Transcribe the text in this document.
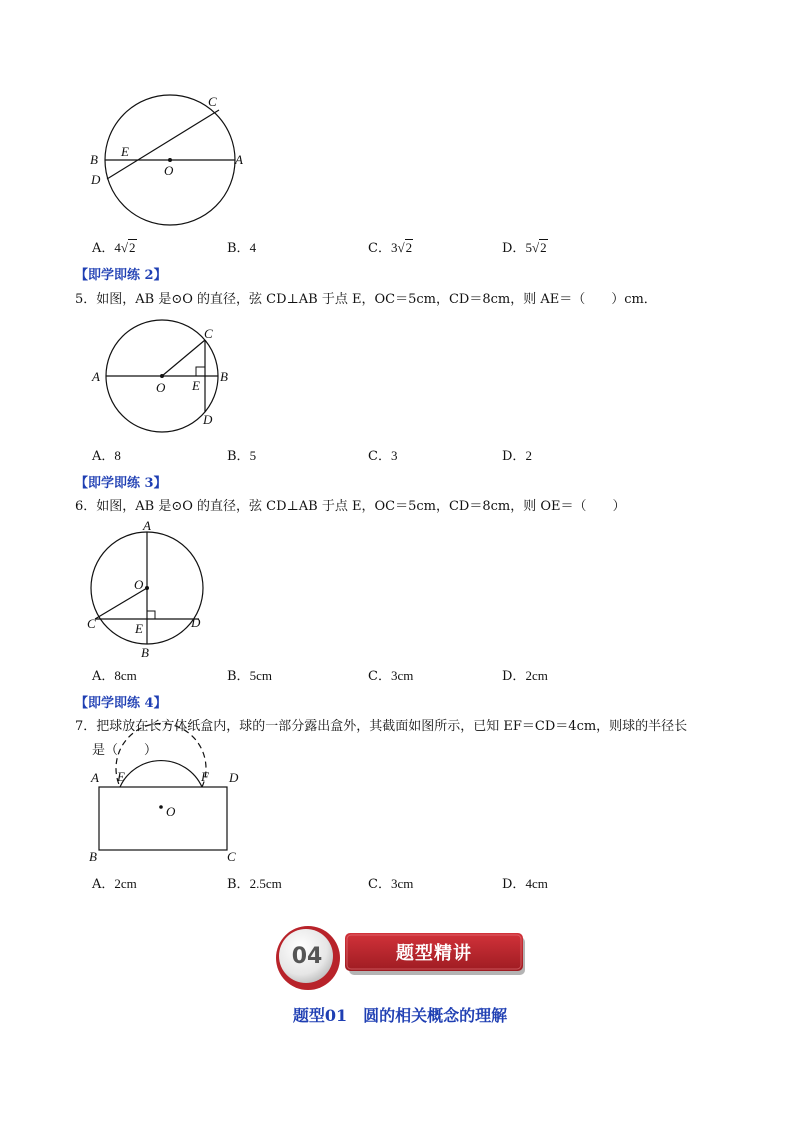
C
B
E
A
D
O
A．4√2	B．4	C．3√2	D．5√2
【即学即练 2】
5．如图，AB 是⊙O 的直径，弦 CD⊥AB 于点 E，OC＝5cm，CD＝8cm，则 AE＝（　　）cm．
A
O E
B
C
D
A．8	B．5	C．3	D．2
【即学即练 3】
6．如图，AB 是⊙O 的直径，弦 CD⊥AB 于点 E，OC＝5cm，CD＝8cm，则 OE＝（　　）
A
O
C	E	D
B
A．8cm	B．5cm	C．3cm	D．2cm
【即学即练 4】
7．把球放在长方体纸盒内，球的一部分露出盒外，其截面如图所示，已知 EF＝CD＝4cm，则球的半径长
是（　　）
A E	F D
O
B	C
A．2cm	B．2.5cm	C．3cm	D．4cm
04	题型精讲
题型01　圆的相关概念的理解
